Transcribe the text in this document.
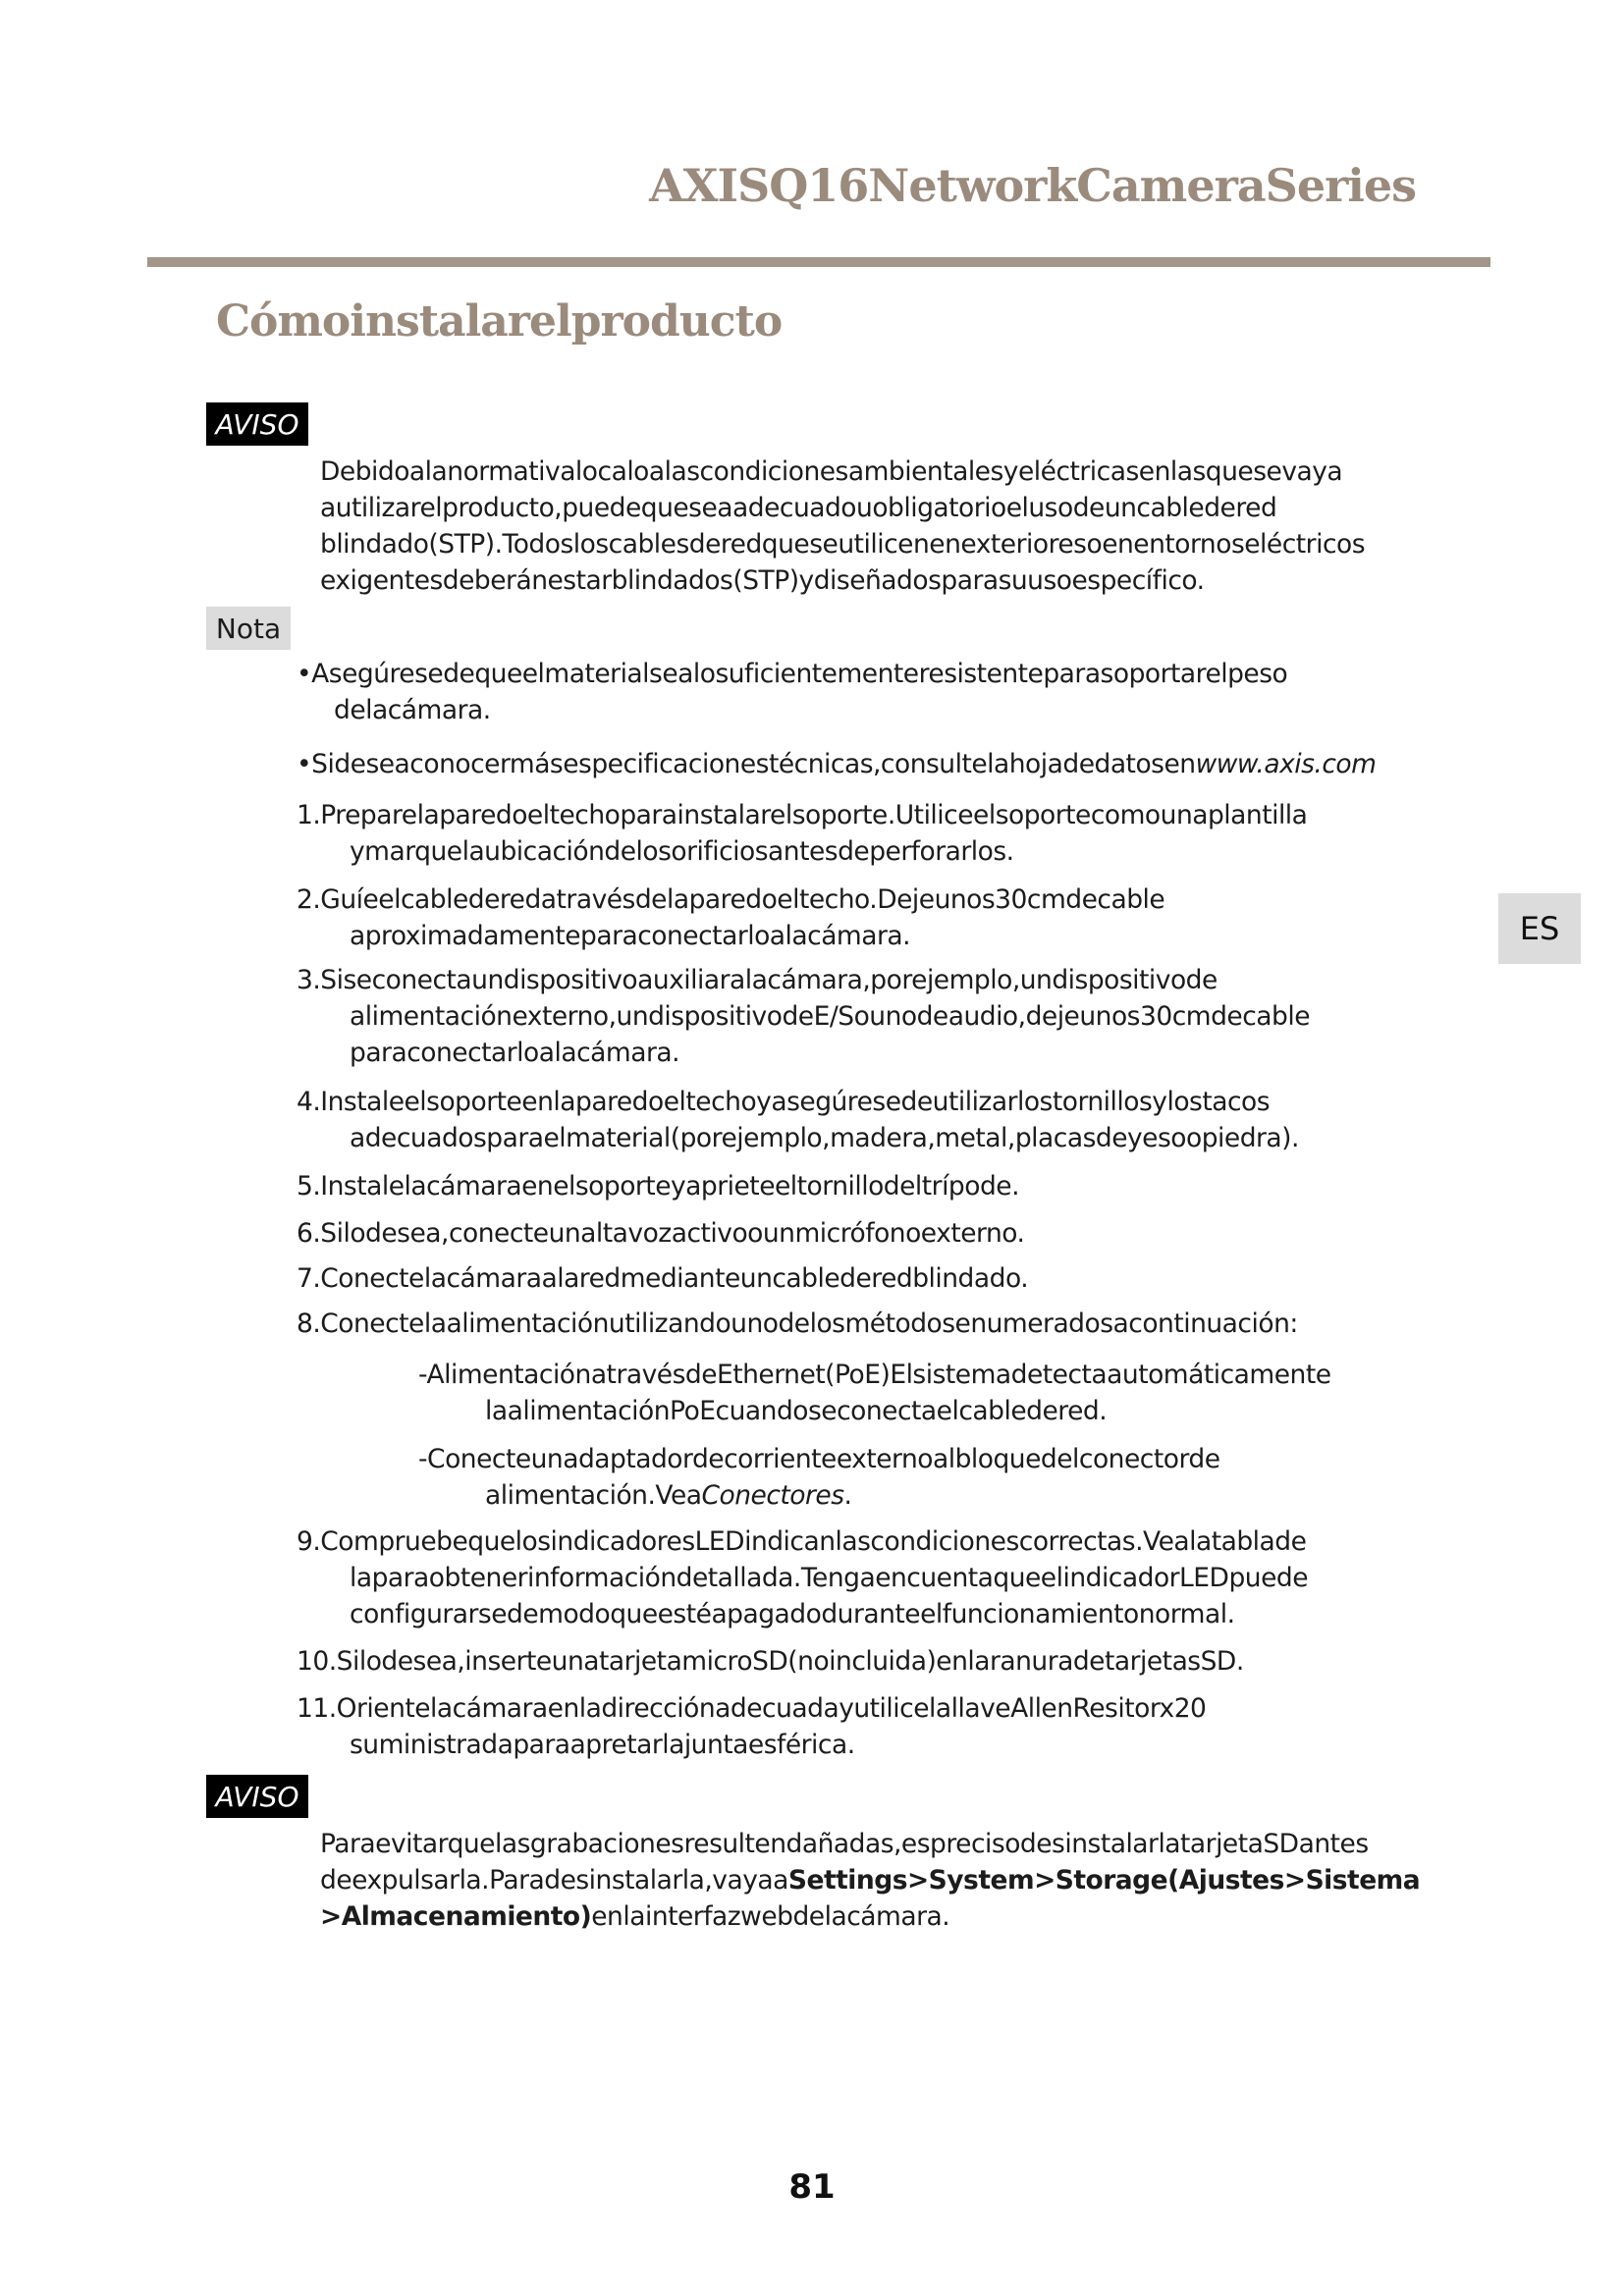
AXISQ16NetworkCameraSeries
Cómoinstalarelproducto
ES
AVISO
Debidoalanormativalocaloalascondicionesambientalesyeléctricasenlasquesevaya autilizarelproducto,puedequeseaadecuadouobligatorioelusodeuncabledered blindado(STP).Todosloscablesderedqueseutilicenenexterioresoenentornoseléctricos exigentesdeberánestarblindados(STP)ydiseñadosparasuusoespecífico.
Nota
•Asegúresedequeelmaterialsealosuficientementeresistenteparasoportarelpeso delacámara.
•Sideseaconocermásespecificacionestécnicas,consultelahojadedatosenwww.axis.com
1.Preparelaparedoeltechoparainstalarelsoporte.Utiliceelsoportecomounaplantilla ymarquelaubicacióndelosorificiosantesdeperforarlos.
2.Guíeelcablederedatravésdelaparedoeltecho.Dejeunos30cmdecable aproximadamenteparaconectarloalacámara.
3.Siseconectaundispositivoauxiliaralacámara,porejemplo,undispositivode alimentaciónexterno,undispositivodeE/Sounodeaudio,dejeunos30cmdecable paraconectarloalacámara.
4.Instaleelsoporteenlaparedoeltechoyasegúresedeutilizarlostornillosylostacos adecuadosparaelmaterial(porejemplo,madera,metal,placasdeyesoopiedra).
5.Instalelacámaraenelsoporteyaprieteeltornillodeltrípode.
6.Silodesea,conecteunaltavozactivoounmicrófonoexterno.
7.Conectelacámaraalaredmedianteuncablederedblindado.
8.Conectelaalimentaciónutilizandounodelosmétodosenumeradosacontinuación:
-AlimentaciónatravésdeEthernet(PoE)Elsistemadetectaautomáticamente laalimentaciónPoEcuandoseconectaelcabledered.
-Conecteunadaptadordecorrienteexternoalbloquedelconectorde alimentación.VeaConectores.
9.CompruebequelosindicadoresLEDindicanlascondicionescorrectas.Vealatablade laparaobtenerinformacióndetallada.TengaencuentaqueelindicadorLEDpuede configurarsedemodoqueestéapagadoduranteelfuncionamientonormal.
10.Silodesea,inserteunatarjetamicroSD(noincluida)enlaranuradetarjetasSD.
11.OrientelacámaraenladirecciónadecuadayutilicelallaveAllenResitorx20 suministradaparaapretarlajuntaesférica.
AVISO
Paraevitarquelasgrabacionesresultendañadas,esprecisodesinstalarlatarjetaSDantes deexpulsarla.Paradesinstalarla,vayaaSettings>System>Storage(Ajustes>Sistema >Almacenamiento)enlainterfazwebdelacámara.
81
